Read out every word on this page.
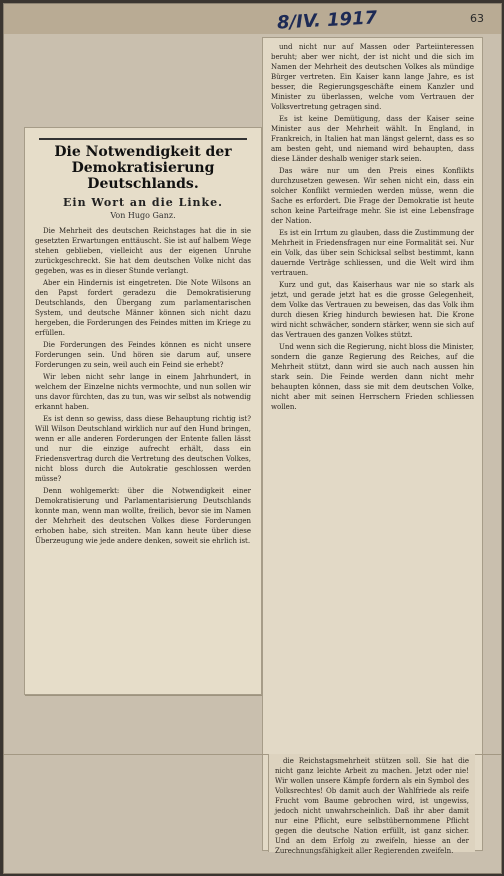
8/IV. 1917	63
Die Notwendigkeit der Demokratisierung Deutschlands.
Ein Wort an die Linke.
Von Hugo Ganz.

Die Mehrheit des deutschen Reichstages hat die in sie gesetzten Erwartungen enttäuscht. Sie ist auf halbem Wege stehen geblieben, vielleicht aus der eigenen Unruhe zurückgeschreckt. Sie hat dem deutschen Volke nicht das gegeben, was es in dieser Stunde verlangt.

Aber ein Hindernis ist eingetreten. Die Note Wilsons an den Papst fordert geradezu die Demokratisierung Deutschlands, den Übergang zum parlamentarischen System, und deutsche Männer können sich nicht dazu hergeben, die Forderungen des Feindes mitten im Kriege zu erfüllen.

Die Forderungen des Feindes können es nicht unsere Forderungen sein. Und hören sie darum auf, unsere Forderungen zu sein, weil auch ein Feind sie erhebt?

Wir leben nicht sehr lange in einem Jahrhundert, in welchem der Einzelne nichts vermochte, und nun sollen wir uns davor fürchten, das zu tun, was wir selbst als notwendig erkannt haben.

Es ist denn so gewiss, dass diese Behauptung richtig ist? Will Wilson Deutschland wirklich nur auf den Hund bringen, wenn er alle anderen Forderungen der Entente fallen lässt und nur die einzige aufrecht erhält, dass ein Friedensvertrag durch die Vertretung des deutschen Volkes, nicht bloss durch die Autokratie geschlossen werden müsse?

Denn wohlgemerkt: über die Notwendigkeit einer Demokratisierung und Parlamentarisierung Deutschlands konnte man, wenn man wollte, freilich, bevor sie im Namen der Mehrheit des deutschen Volkes diese Forderungen erhoben habe, sich streiten. Man kann heute über diese Überzeugung wie jede andere denken, soweit sie ehrlich ist.

und nicht nur auf Massen oder Parteiinteressen beruht; aber wer nicht, der ist nicht und die sich im Namen der Mehrheit des deutschen Volkes als mündige Bürger vertreten. Ein Kaiser kann lange Jahre, es ist besser, die Regierungsgeschäfte einem Kanzler und Minister zu überlassen, welche vom Vertrauen der Volksvertretung getragen sind.

Es ist keine Demütigung, dass der Kaiser seine Minister aus der Mehrheit wählt. In England, in Frankreich, in Italien hat man längst gelernt, dass es so am besten geht, und niemand wird behaupten, dass diese Länder deshalb weniger stark seien.

Das wäre nur um den Preis eines Konflikts durchzusetzen gewesen. Wir sehen nicht ein, dass ein solcher Konflikt vermieden werden müsse, wenn die Sache es erfordert. Die Frage der Demokratie ist heute schon keine Parteifrage mehr. Sie ist eine Lebensfrage der Nation.

Es ist ein Irrtum zu glauben, dass die Zustimmung der Mehrheit in Friedensfragen nur eine Formalität sei. Nur ein Volk, das über sein Schicksal selbst bestimmt, kann dauernde Verträge schliessen, und die Welt wird ihm vertrauen.

Kurz und gut, das Kaiserhaus war nie so stark als jetzt, und gerade jetzt hat es die grosse Gelegenheit, dem Volke das Vertrauen zu beweisen, das das Volk ihm durch diesen Krieg hindurch bewiesen hat. Die Krone wird nicht schwächer, sondern stärker, wenn sie sich auf das Vertrauen des ganzen Volkes stützt.

Und wenn sich die Regierung, nicht bloss die Minister, sondern die ganze Regierung des Reiches, auf die Mehrheit stützt, dann wird sie auch nach aussen hin stark sein. Die Feinde werden dann nicht mehr behaupten können, dass sie mit dem deutschen Volke, nicht aber mit seinen Herrschern Frieden schliessen wollen.

die Reichstagsmehrheit stützen soll. Sie hat die nicht ganz leichte Arbeit zu machen. Jetzt oder nie! Wir wollen unsere Kämpfe fordern als ein Symbol des Volksrechtes! Ob damit auch der Wahlfriede als reife Frucht vom Baume gebrochen wird, ist ungewiss, jedoch nicht unwahrscheinlich. Daß ihr aber damit nur eine Pflicht, eure selbstübernommene Pflicht gegen die deutsche Nation erfüllt, ist ganz sicher. Und an dem Erfolg zu zweifeln, hiesse an der Zurechnungsfähigkeit aller Regierenden zweifeln.
